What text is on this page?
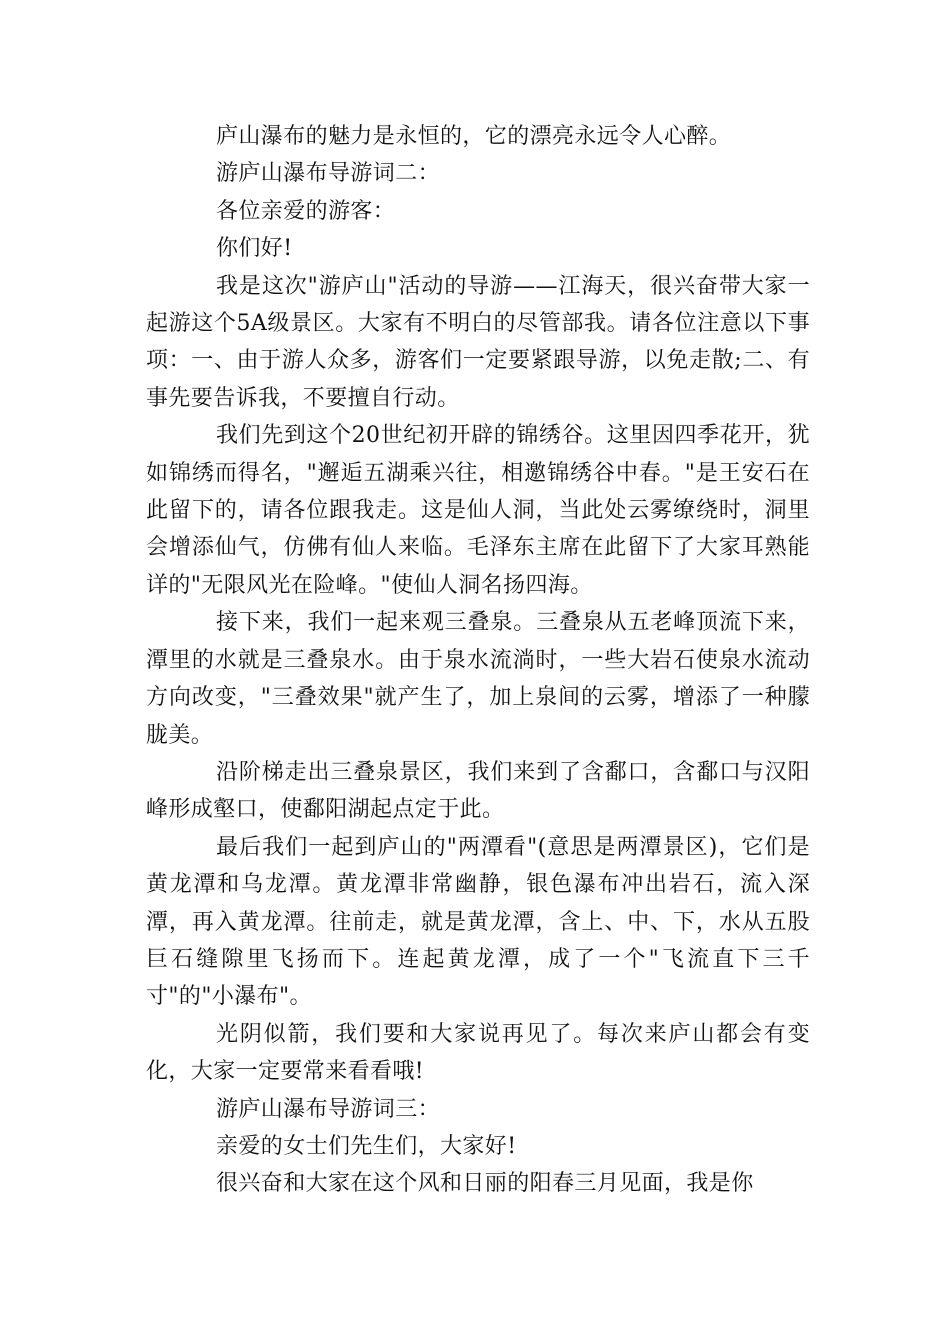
庐山瀑布的魅力是永恒的，它的漂亮永远令人心醉。

游庐山瀑布导游词二：

各位亲爱的游客：

你们好!

我是这次"游庐山"活动的导游——江海天，很兴奋带大家一起游这个5A级景区。大家有不明白的尽管部我。请各位注意以下事项：一、由于游人众多，游客们一定要紧跟导游，以免走散;二、有事先要告诉我，不要擅自行动。

我们先到这个20世纪初开辟的锦绣谷。这里因四季花开，犹如锦绣而得名，"邂逅五湖乘兴往，相邀锦绣谷中春。"是王安石在此留下的，请各位跟我走。这是仙人洞，当此处云雾缭绕时，洞里会增添仙气，仿佛有仙人来临。毛泽东主席在此留下了大家耳熟能详的"无限风光在险峰。"使仙人洞名扬四海。

接下来，我们一起来观三叠泉。三叠泉从五老峰顶流下来，潭里的水就是三叠泉水。由于泉水流淌时，一些大岩石使泉水流动方向改变，"三叠效果"就产生了，加上泉间的云雾，增添了一种朦胧美。

沿阶梯走出三叠泉景区，我们来到了含鄱口，含鄱口与汉阳峰形成壑口，使鄱阳湖起点定于此。

最后我们一起到庐山的"两潭看"(意思是两潭景区)，它们是黄龙潭和乌龙潭。黄龙潭非常幽静，银色瀑布冲出岩石，流入深潭，再入黄龙潭。往前走，就是黄龙潭，含上、中、下，水从五股巨石缝隙里飞扬而下。连起黄龙潭，成了一个"飞流直下三千寸"的"小瀑布"。

光阴似箭，我们要和大家说再见了。每次来庐山都会有变化，大家一定要常来看看哦!

游庐山瀑布导游词三：

亲爱的女士们先生们，大家好!

很兴奋和大家在这个风和日丽的阳春三月见面，我是你
